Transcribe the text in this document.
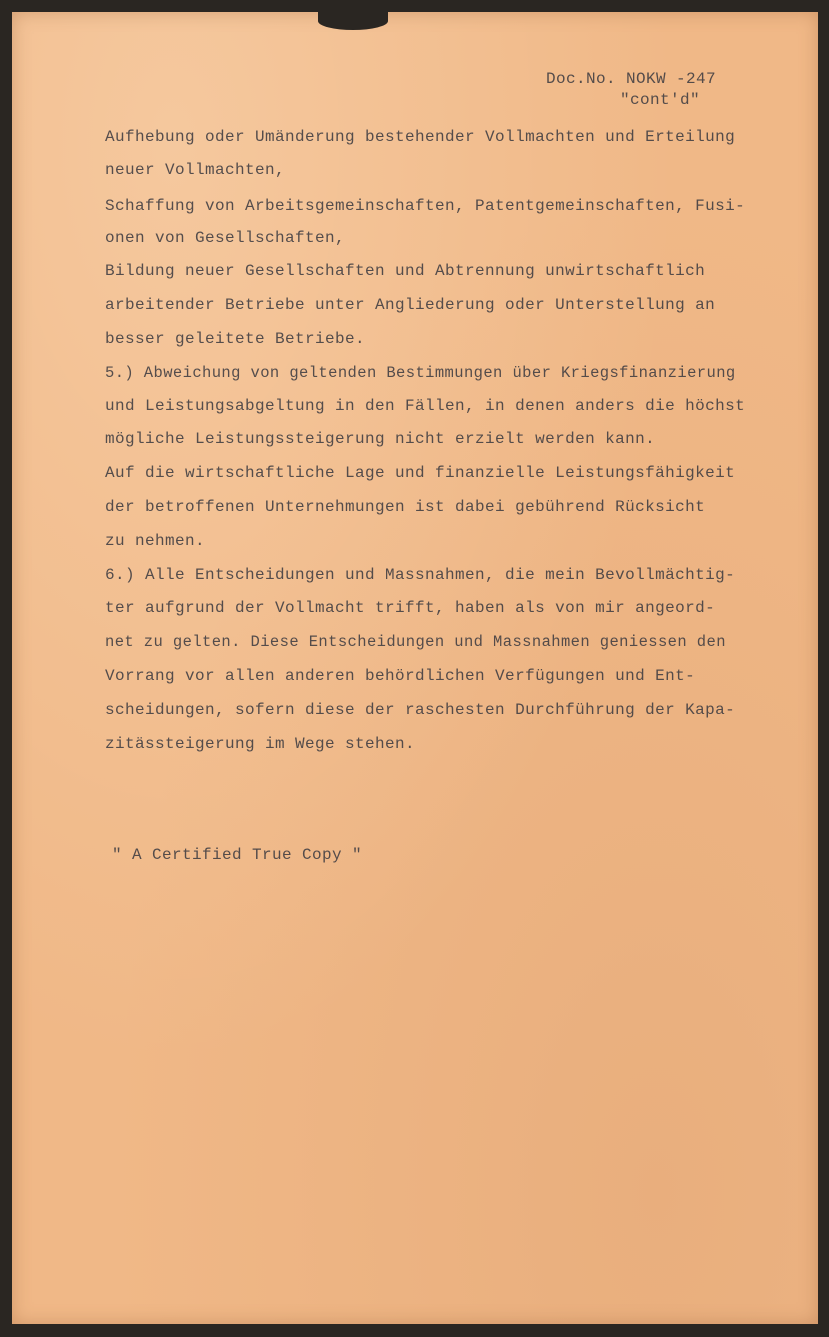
Doc.No. NOKW -247
"cont'd"

Aufhebung oder Umänderung bestehender Vollmachten und Erteilung

neuer Vollmachten,

Schaffung von Arbeitsgemeinschaften, Patentgemeinschaften, Fusi-

onen von Gesellschaften,

Bildung neuer Gesellschaften und Abtrennung unwirtschaftlich

arbeitender Betriebe unter Angliederung oder Unterstellung an

besser geleitete Betriebe.

5.) Abweichung von geltenden Bestimmungen über Kriegsfinanzierung

und Leistungsabgeltung in den Fällen, in denen anders die höchst

mögliche Leistungssteigerung nicht erzielt werden kann.

Auf die wirtschaftliche Lage und finanzielle Leistungsfähigkeit

der betroffenen Unternehmungen ist dabei gebührend Rücksicht

zu nehmen.

6.) Alle Entscheidungen und Massnahmen, die mein Bevollmächtig-

ter aufgrund der Vollmacht trifft, haben als von mir angeord-

net zu gelten. Diese Entscheidungen und Massnahmen geniessen den

Vorrang vor allen anderen behördlichen Verfügungen und Ent-

scheidungen, sofern diese der raschesten Durchführung der Kapa-

zitässteigerung im Wege stehen.

" A Certified True Copy "
